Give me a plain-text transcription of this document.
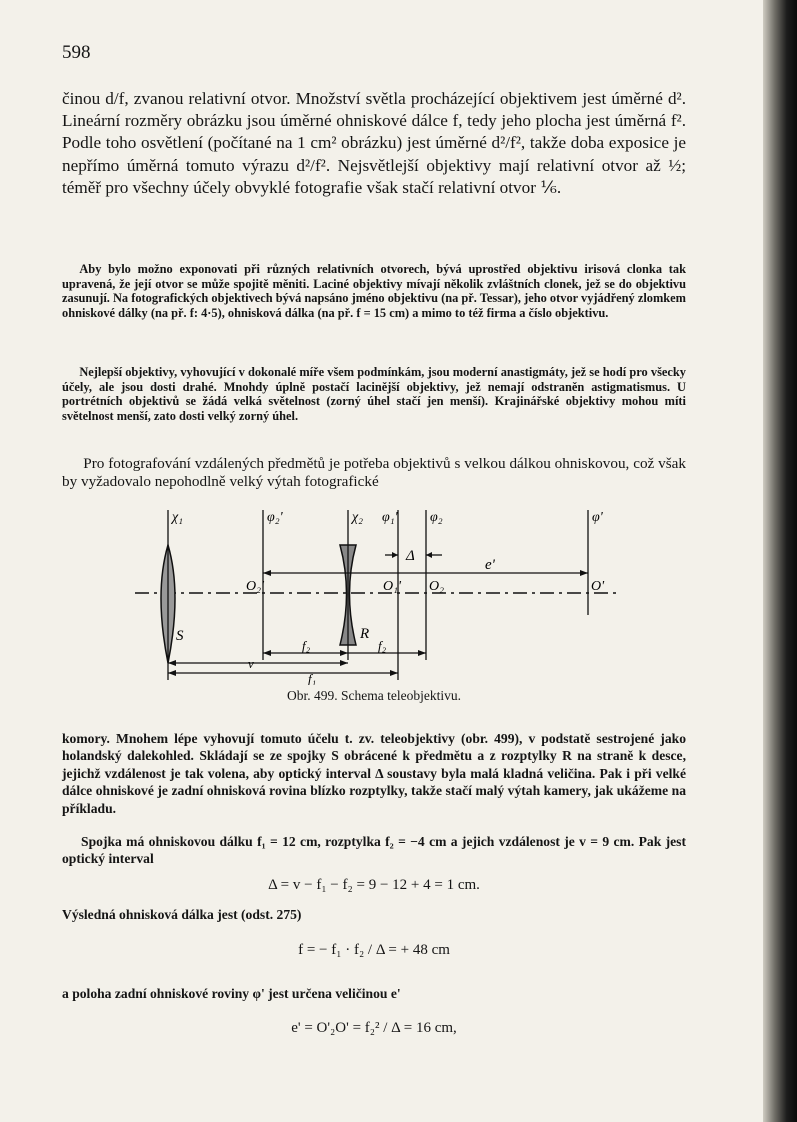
598

činou d/f, zvanou relativní otvor. Množství světla procházející objektivem jest úměrné d². Lineární rozměry obrázku jsou úměrné ohniskové dálce f, tedy jeho plocha jest úměrná f². Podle toho osvětlení (počítané na 1 cm² obrázku) jest úměrné d²/f², takže doba exposice je nepřímo úměrná tomuto výrazu d²/f². Nejsvětlejší objektivy mají relativní otvor až ½; téměř pro všechny účely obvyklé fotografie však stačí relativní otvor ⅙.

Aby bylo možno exponovati při různých relativních otvorech, bývá uprostřed objektivu irisová clonka tak upravená, že její otvor se může spojitě měniti. Laciné objektivy mívají několik zvláštních clonek, jež se do objektivu zasunují. Na fotografických objektivech bývá napsáno jméno objektivu (na př. Tessar), jeho otvor vyjádřený zlomkem ohniskové dálky (na př. f: 4·5), ohnisková dálka (na př. f = 15 cm) a mimo to též firma a číslo objektivu.

Nejlepší objektivy, vyhovující v dokonalé míře všem podmínkám, jsou moderní anastigmáty, jež se hodí pro všecky účely, ale jsou dosti drahé. Mnohdy úplně postačí lacinější objektivy, jež nemají odstraněn astigmatismus. U portrétních objektivů se žádá velká světelnost (zorný úhel stačí jen menší). Krajinářské objektivy mohou míti světelnost menší, zato dosti velký zorný úhel.

Pro fotografování vzdálených předmětů je potřeba objektivů s velkou dálkou ohniskovou, což však by vyžadovalo nepohodlně velký výtah fotografické

χ₁	φ₂'	χ₂ φ₁' φ₂	φ'
Δ
e'
O₂'	O₁' O₂	O'
S	R
v
f₂	f₂
f₁
Obr. 499. Schema teleobjektivu.

komory. Mnohem lépe vyhovují tomuto účelu t. zv. teleobjektivy (obr. 499), v podstatě sestrojené jako holandský dalekohled. Skládají se ze spojky S obrácené k předmětu a z rozptylky R na straně k desce, jejichž vzdálenost je tak volena, aby optický interval Δ soustavy byla malá kladná veličina. Pak i při velké dálce ohniskové je zadní ohnisková rovina blízko rozptylky, takže stačí malý výtah kamery, jak ukážeme na příkladu.

Spojka má ohniskovou dálku f₁ = 12 cm, rozptylka f₂ = −4 cm a jejich vzdálenost je v = 9 cm. Pak jest optický interval

Δ = v − f₁ − f₂ = 9 − 12 + 4 = 1 cm.

Výsledná ohnisková dálka jest (odst. 275)

f = − f₁ · f₂ / Δ = + 48 cm

a poloha zadní ohniskové roviny φ' jest určena veličinou e'

e' = O'₂O' = f₂² / Δ = 16 cm,
